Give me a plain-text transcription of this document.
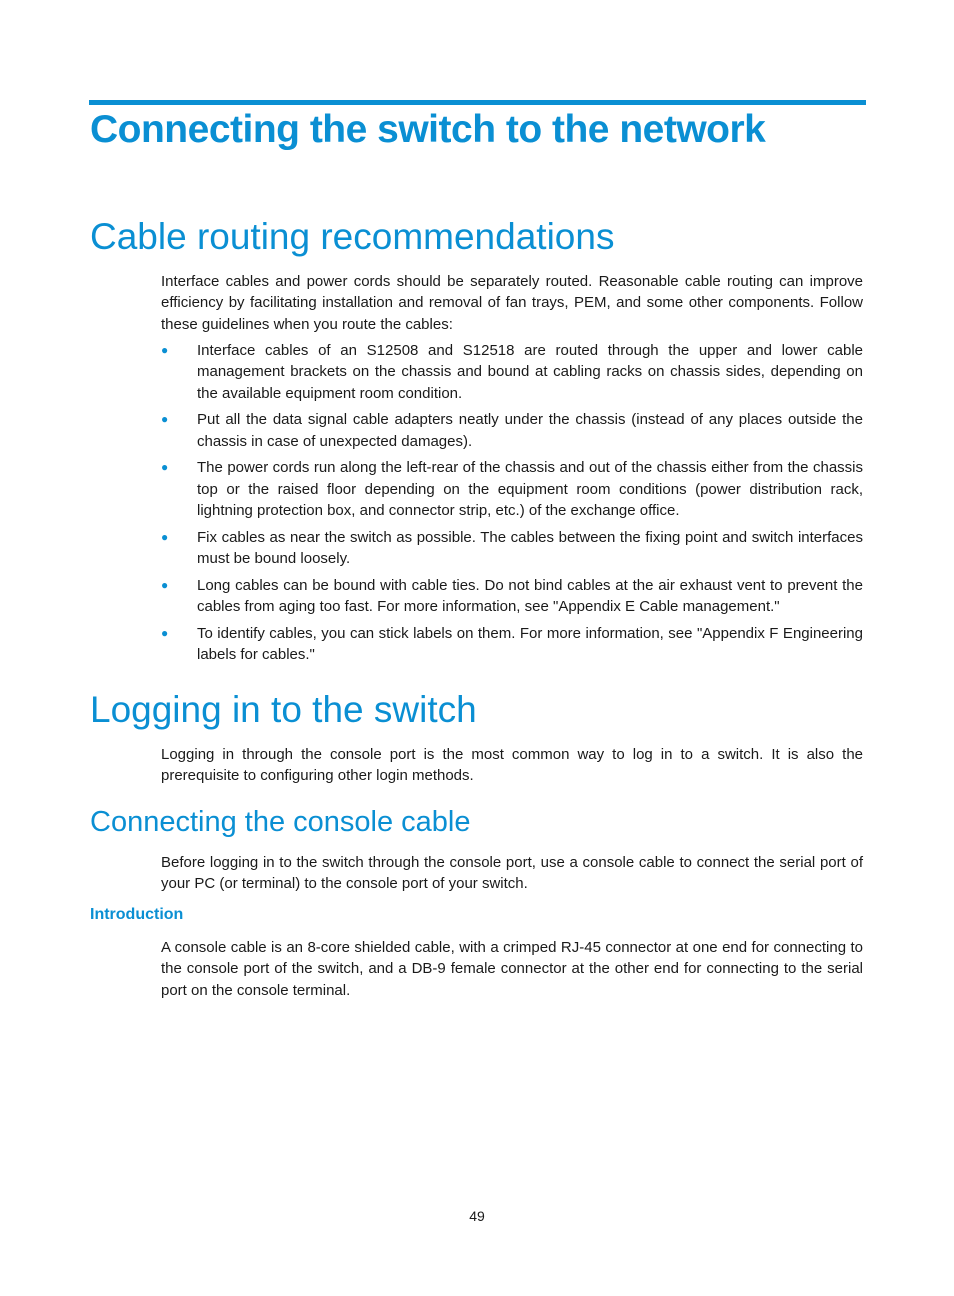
Connecting the switch to the network
Cable routing recommendations

Interface cables and power cords should be separately routed. Reasonable cable routing can improve efficiency by facilitating installation and removal of fan trays, PEM, and some other components. Follow these guidelines when you route the cables:

● Interface cables of an S12508 and S12518 are routed through the upper and lower cable management brackets on the chassis and bound at cabling racks on chassis sides, depending on the available equipment room condition.
● Put all the data signal cable adapters neatly under the chassis (instead of any places outside the chassis in case of unexpected damages).
● The power cords run along the left-rear of the chassis and out of the chassis either from the chassis top or the raised floor depending on the equipment room conditions (power distribution rack, lightning protection box, and connector strip, etc.) of the exchange office.
● Fix cables as near the switch as possible. The cables between the fixing point and switch interfaces must be bound loosely.
● Long cables can be bound with cable ties. Do not bind cables at the air exhaust vent to prevent the cables from aging too fast. For more information, see "Appendix E Cable management."
● To identify cables, you can stick labels on them. For more information, see "Appendix F Engineering labels for cables."
Logging in to the switch

Logging in through the console port is the most common way to log in to a switch. It is also the prerequisite to configuring other login methods.

Connecting the console cable

Before logging in to the switch through the console port, use a console cable to connect the serial port of your PC (or terminal) to the console port of your switch.

Introduction

A console cable is an 8-core shielded cable, with a crimped RJ-45 connector at one end for connecting to the console port of the switch, and a DB-9 female connector at the other end for connecting to the serial port on the console terminal.

49
